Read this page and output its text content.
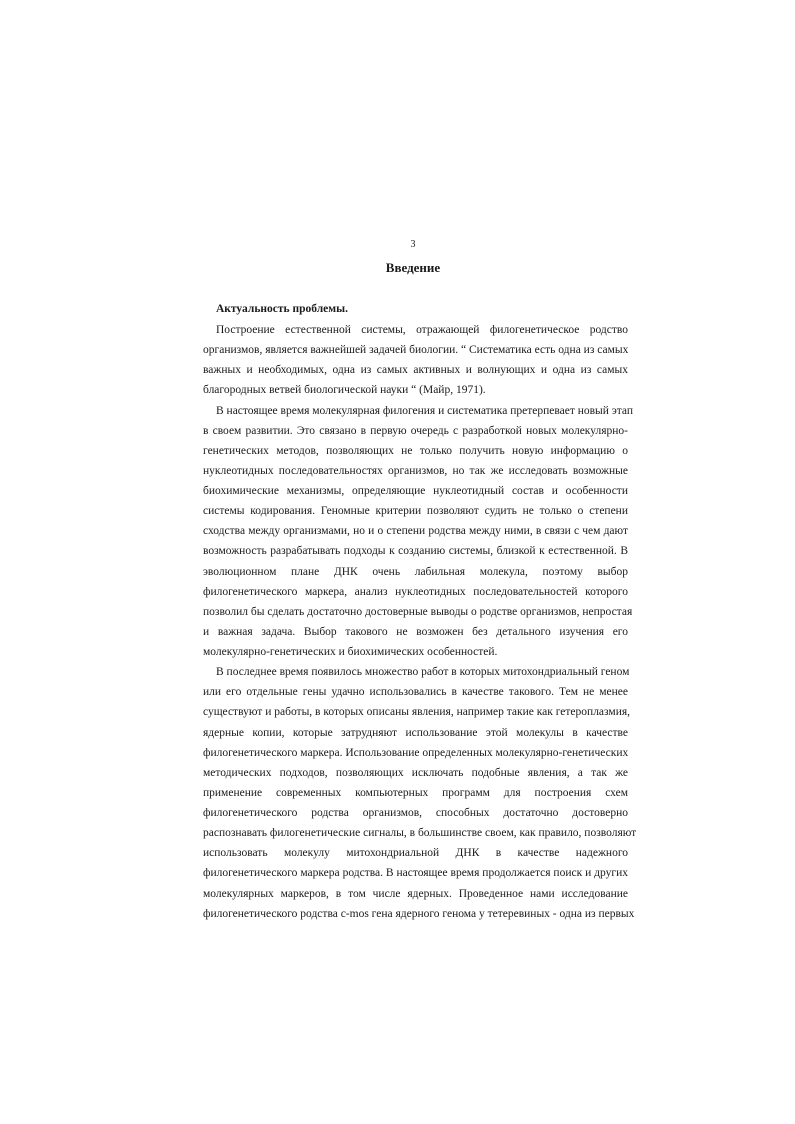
3
Введение
Актуальность проблемы.
Построение естественной системы, отражающей филогенетическое родство
организмов, является важнейшей задачей биологии. “ Систематика есть одна из самых
важных и необходимых, одна из самых активных и волнующих и одна из самых
благородных ветвей биологической науки “ (Майр, 1971).
В настоящее время молекулярная филогения и систематика претерпевает новый этап
в своем развитии. Это связано в первую очередь с разработкой новых молекулярно-
генетических методов, позволяющих не только получить новую информацию о
нуклеотидных последовательностях организмов, но так же исследовать возможные
биохимические механизмы, определяющие нуклеотидный состав и особенности
системы кодирования. Геномные критерии позволяют судить не только о степени
сходства между организмами, но и о степени родства между ними, в связи с чем дают
возможность разрабатывать подходы к созданию системы, близкой к естественной. В
эволюционном плане ДНК очень лабильная молекула, поэтому выбор
филогенетического маркера, анализ нуклеотидных последовательностей которого
позволил бы сделать достаточно достоверные выводы о родстве организмов, непростая
и важная задача. Выбор такового не возможен без детального изучения его
молекулярно-генетических и биохимических особенностей.
В последнее время появилось множество работ в которых митохондриальный геном
или его отдельные гены удачно использовались в качестве такового. Тем не менее
существуют и работы, в которых описаны явления, например такие как гетероплазмия,
ядерные копии, которые затрудняют использование этой молекулы в качестве
филогенетического маркера. Использование определенных молекулярно-генетических
методических подходов, позволяющих исключать подобные явления, а так же
применение современных компьютерных программ для построения схем
филогенетического родства организмов, способных достаточно достоверно
распознавать филогенетические сигналы, в большинстве своем, как правило, позволяют
использовать молекулу митохондриальной ДНК в качестве надежного
филогенетического маркера родства. В настоящее время продолжается поиск и других
молекулярных маркеров, в том числе ядерных. Проведенное нами исследование
филогенетического родства c-mos гена ядерного генома у тетеревиных - одна из первых
